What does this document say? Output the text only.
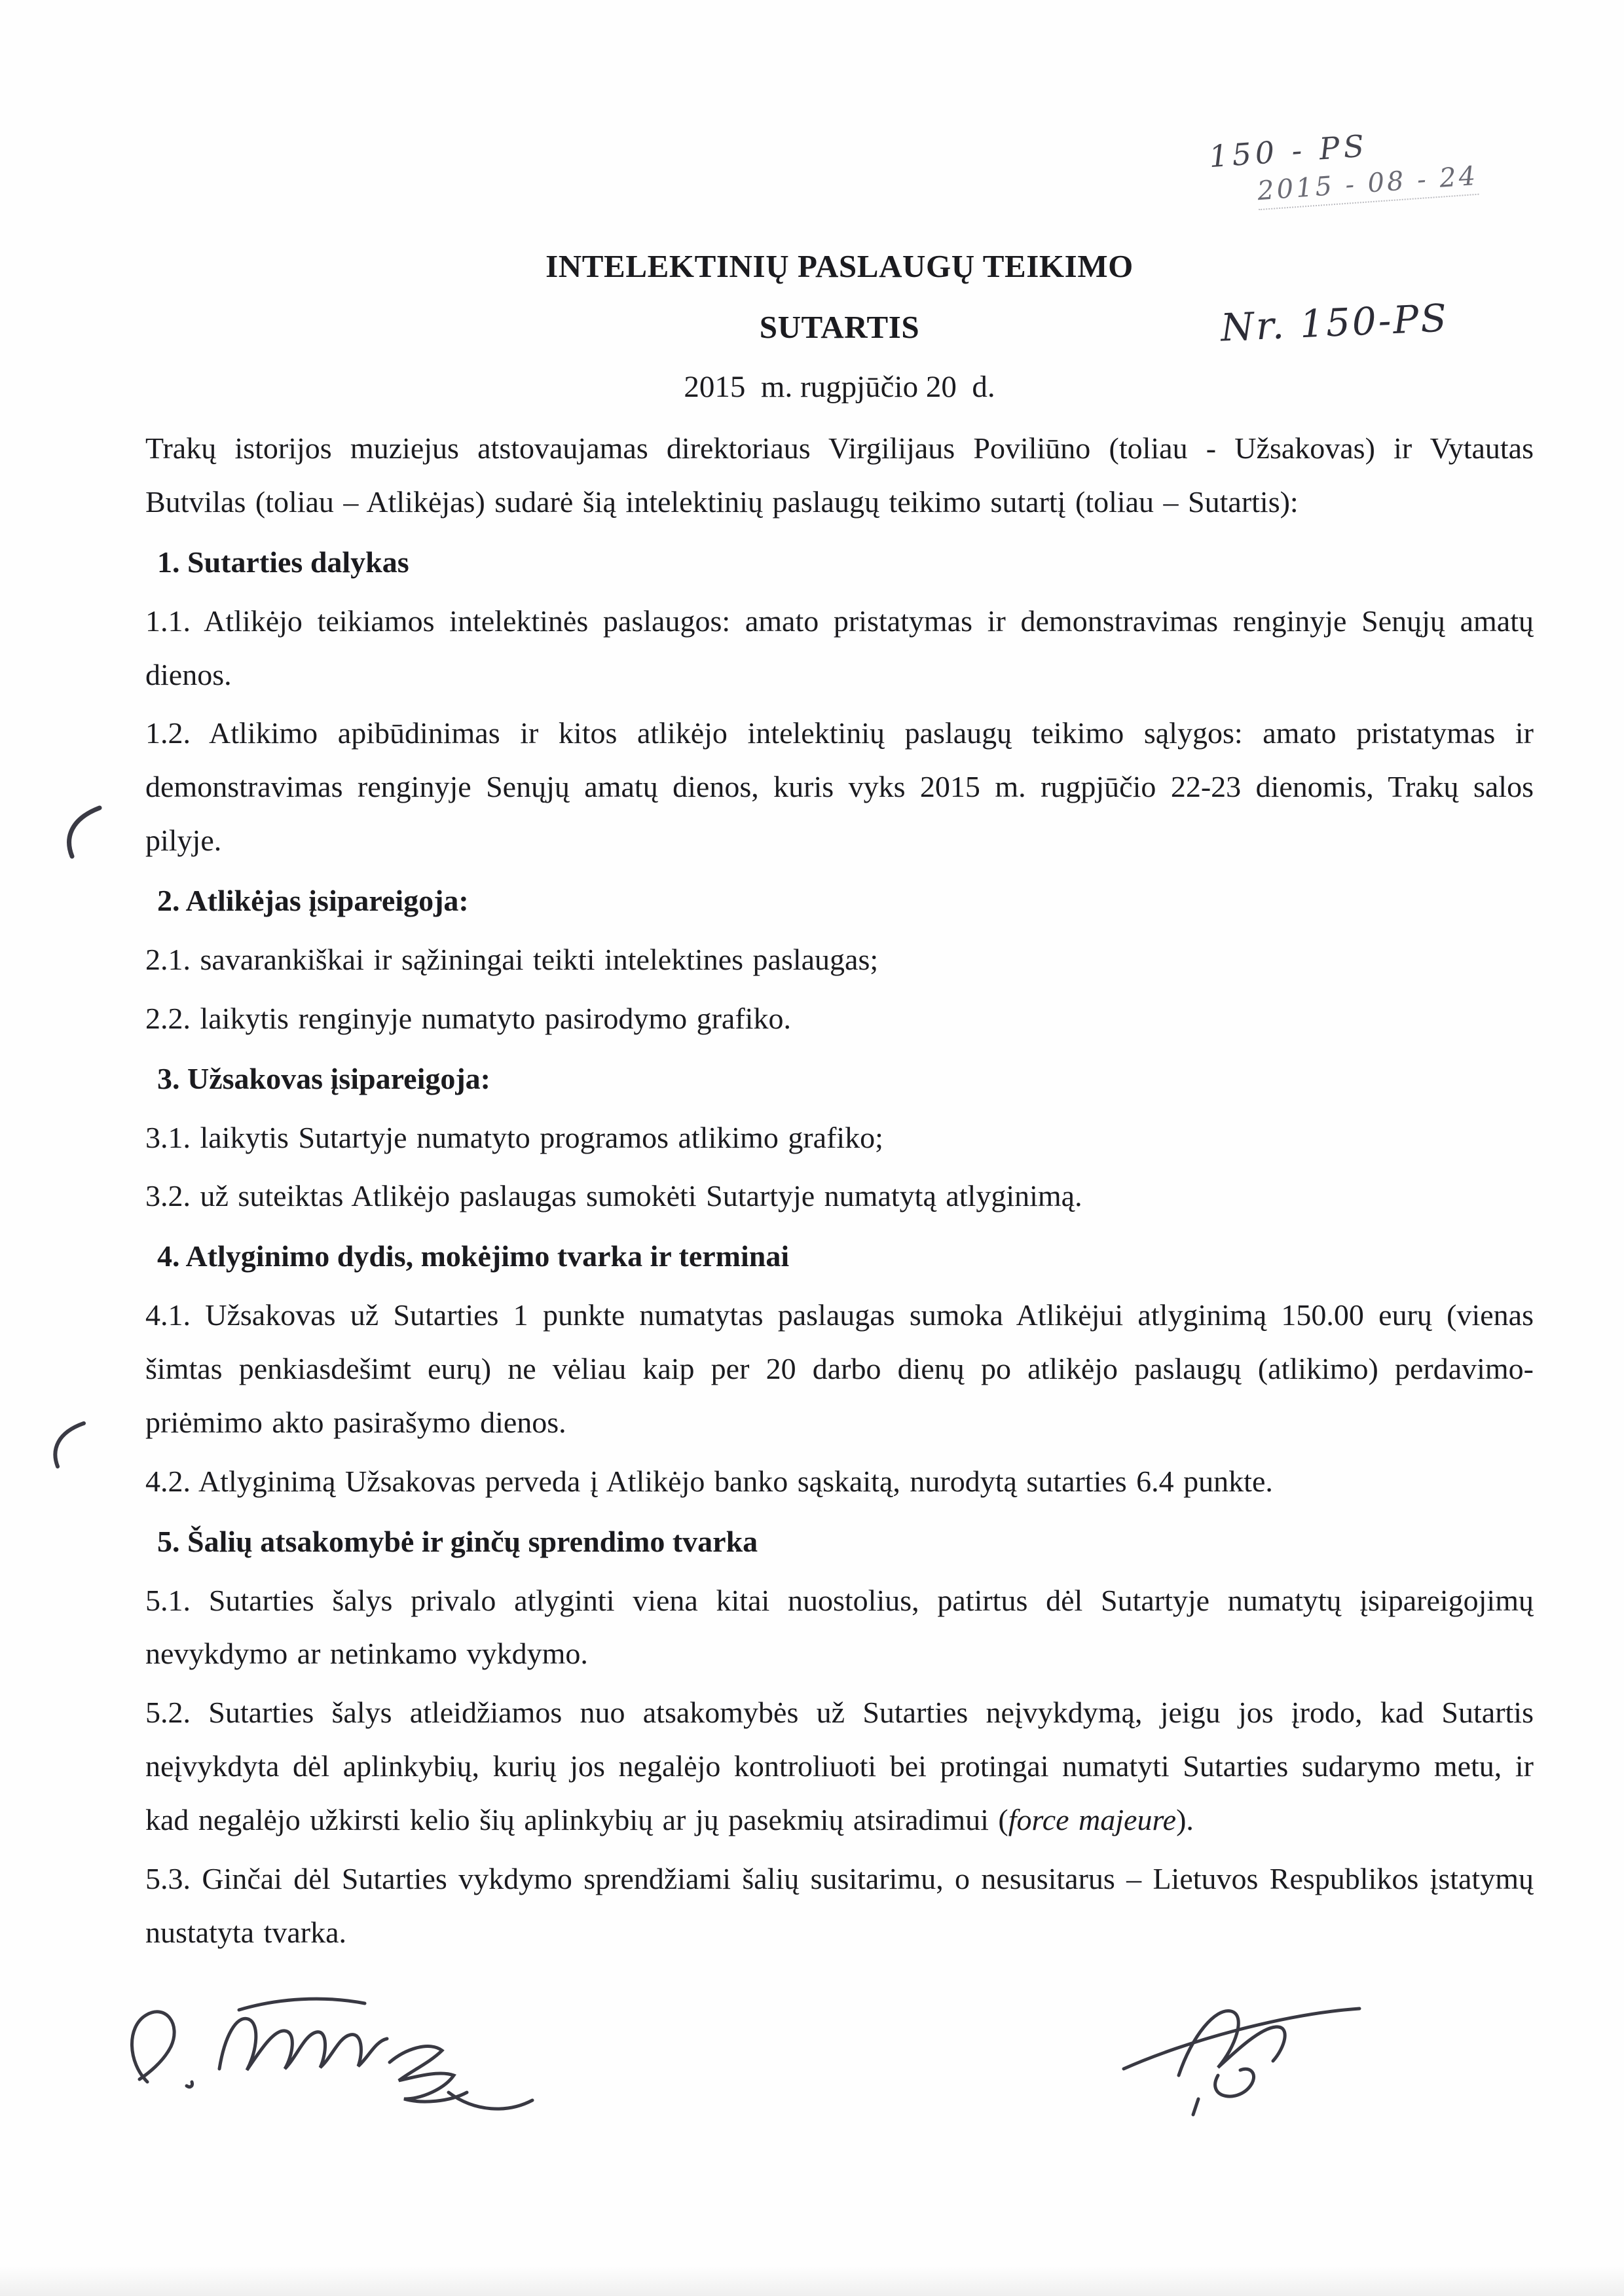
150 - PS
2015 - 08 - 24
INTELEKTINIŲ PASLAUGŲ TEIKIMO
SUTARTIS	Nr. 150-PS
2015  m. rugpjūčio 20  d.

Trakų istorijos muziejus atstovaujamas direktoriaus Virgilijaus Poviliūno (toliau - Užsakovas) ir Vytautas Butvilas (toliau – Atlikėjas) sudarė šią intelektinių paslaugų teikimo sutartį (toliau – Sutartis):

1. Sutarties dalykas

1.1. Atlikėjo teikiamos intelektinės paslaugos: amato pristatymas ir demonstravimas renginyje Senųjų amatų dienos.

1.2. Atlikimo apibūdinimas ir kitos atlikėjo intelektinių paslaugų teikimo sąlygos: amato pristatymas ir demonstravimas renginyje Senųjų amatų dienos, kuris vyks 2015 m. rugpjūčio 22-23 dienomis, Trakų salos pilyje.

2. Atlikėjas įsipareigoja:

2.1. savarankiškai ir sąžiningai teikti intelektines paslaugas;

2.2. laikytis renginyje numatyto pasirodymo grafiko.

3. Užsakovas įsipareigoja:

3.1. laikytis Sutartyje numatyto programos atlikimo grafiko;

3.2. už suteiktas Atlikėjo paslaugas sumokėti Sutartyje numatytą atlyginimą.

4. Atlyginimo dydis, mokėjimo tvarka ir terminai

4.1. Užsakovas už Sutarties 1 punkte numatytas paslaugas sumoka Atlikėjui atlyginimą 150.00 eurų (vienas šimtas penkiasdešimt eurų) ne vėliau kaip per 20 darbo dienų po atlikėjo paslaugų (atlikimo) perdavimo-priėmimo akto pasirašymo dienos.

4.2. Atlyginimą Užsakovas perveda į Atlikėjo banko sąskaitą, nurodytą sutarties 6.4 punkte.

5. Šalių atsakomybė ir ginčų sprendimo tvarka

5.1. Sutarties šalys privalo atlyginti viena kitai nuostolius, patirtus dėl Sutartyje numatytų įsipareigojimų nevykdymo ar netinkamo vykdymo.

5.2. Sutarties šalys atleidžiamos nuo atsakomybės už Sutarties neįvykdymą, jeigu jos įrodo, kad Sutartis neįvykdyta dėl aplinkybių, kurių jos negalėjo kontroliuoti bei protingai numatyti Sutarties sudarymo metu, ir kad negalėjo užkirsti kelio šių aplinkybių ar jų pasekmių atsiradimui (force majeure).

5.3. Ginčai dėl Sutarties vykdymo sprendžiami šalių susitarimu, o nesusitarus – Lietuvos Respublikos įstatymų nustatyta tvarka.
